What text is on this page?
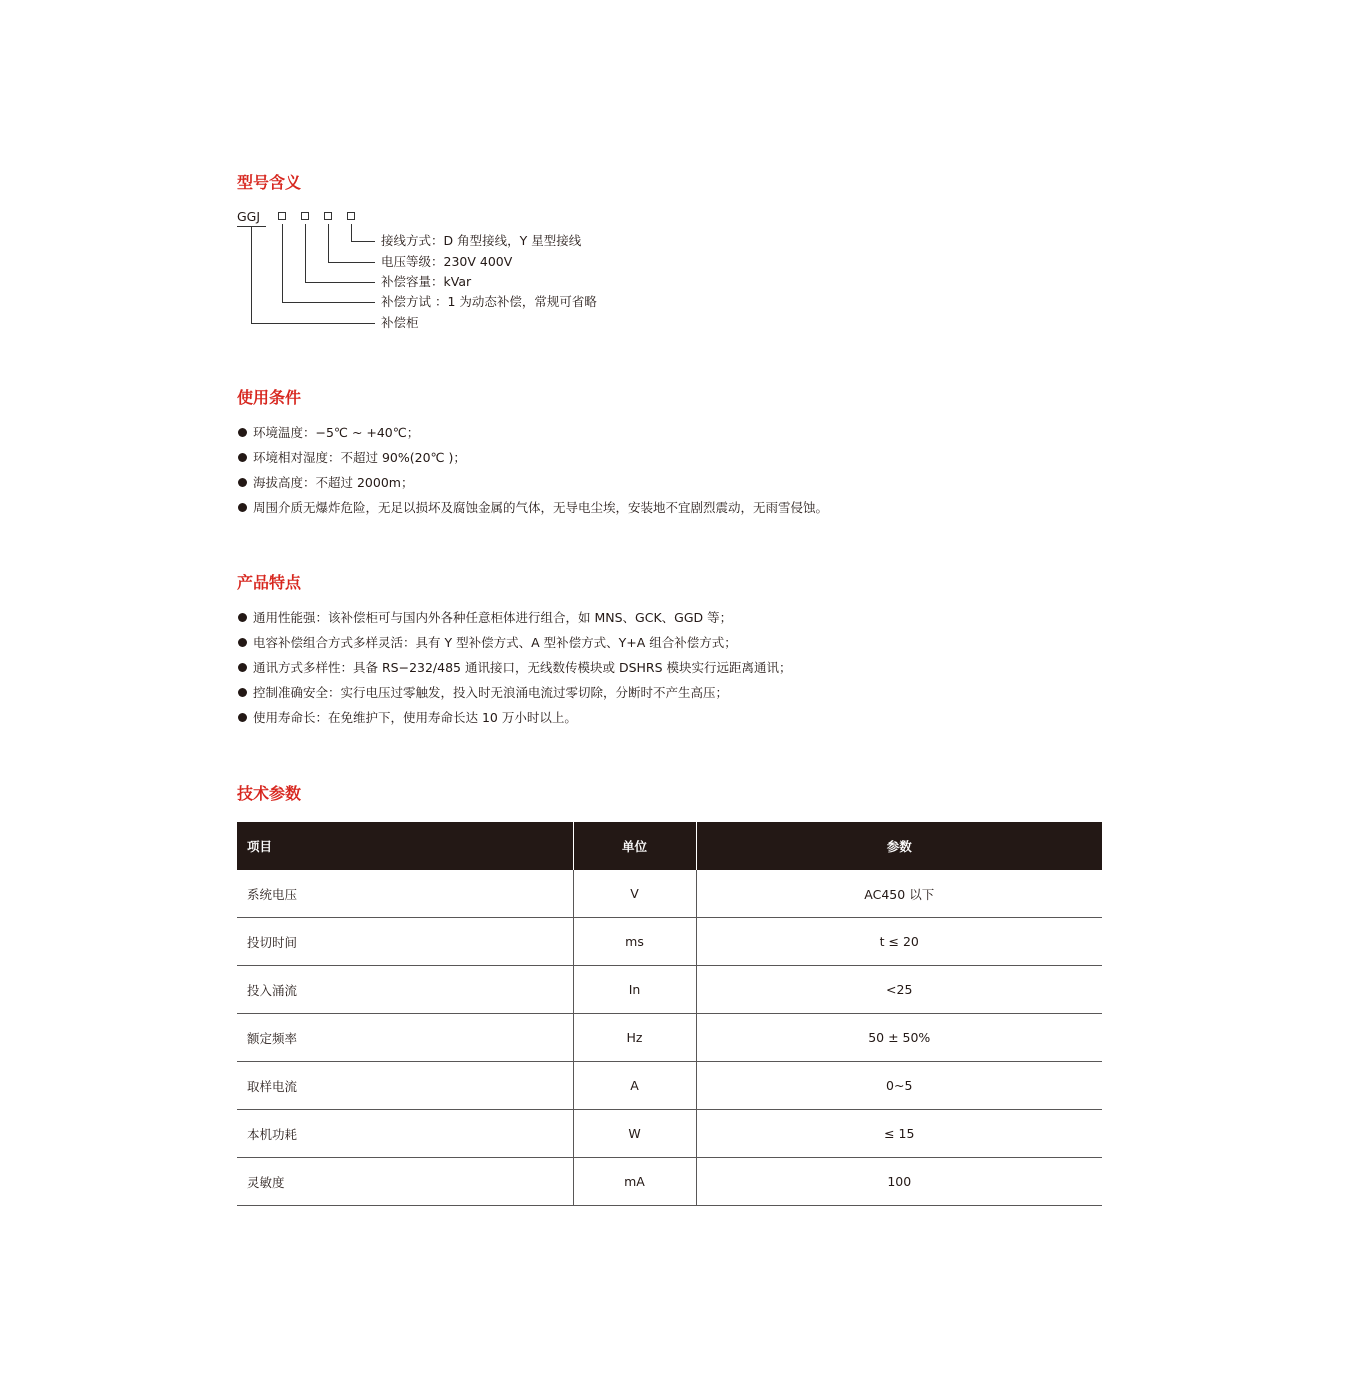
型号含义
GGJ
接线方式：D 角型接线，Y 星型接线
电压等级：230V 400V
补偿容量：kVar
补偿方试 ：1 为动态补偿，常规可省略
补偿柜
使用条件
环境温度：−5℃ ~ +40℃；
环境相对湿度：不超过 90%(20℃ )；
海拔高度：不超过 2000m；
周围介质无爆炸危险，无足以损坏及腐蚀金属的气体，无导电尘埃，安装地不宜剧烈震动，无雨雪侵蚀。
产品特点
通用性能强：该补偿柜可与国内外各种任意柜体进行组合，如 MNS、GCK、GGD 等；
电容补偿组合方式多样灵活：具有 Y 型补偿方式、A 型补偿方式、Y+A 组合补偿方式；
通讯方式多样性：具备 RS−232/485 通讯接口，无线数传模块或 DSHRS 模块实行远距离通讯；
控制准确安全：实行电压过零触发，投入时无浪涌电流过零切除，分断时不产生高压；
使用寿命长：在免维护下，使用寿命长达 10 万小时以上。
技术参数
项目	单位	参数
系统电压	V	AC450 以下
投切时间	ms	t ≤ 20
投入涌流	In	<25
额定频率	Hz	50 ± 50%
取样电流	A	0~5
本机功耗	W	≤ 15
灵敏度	mA	100
